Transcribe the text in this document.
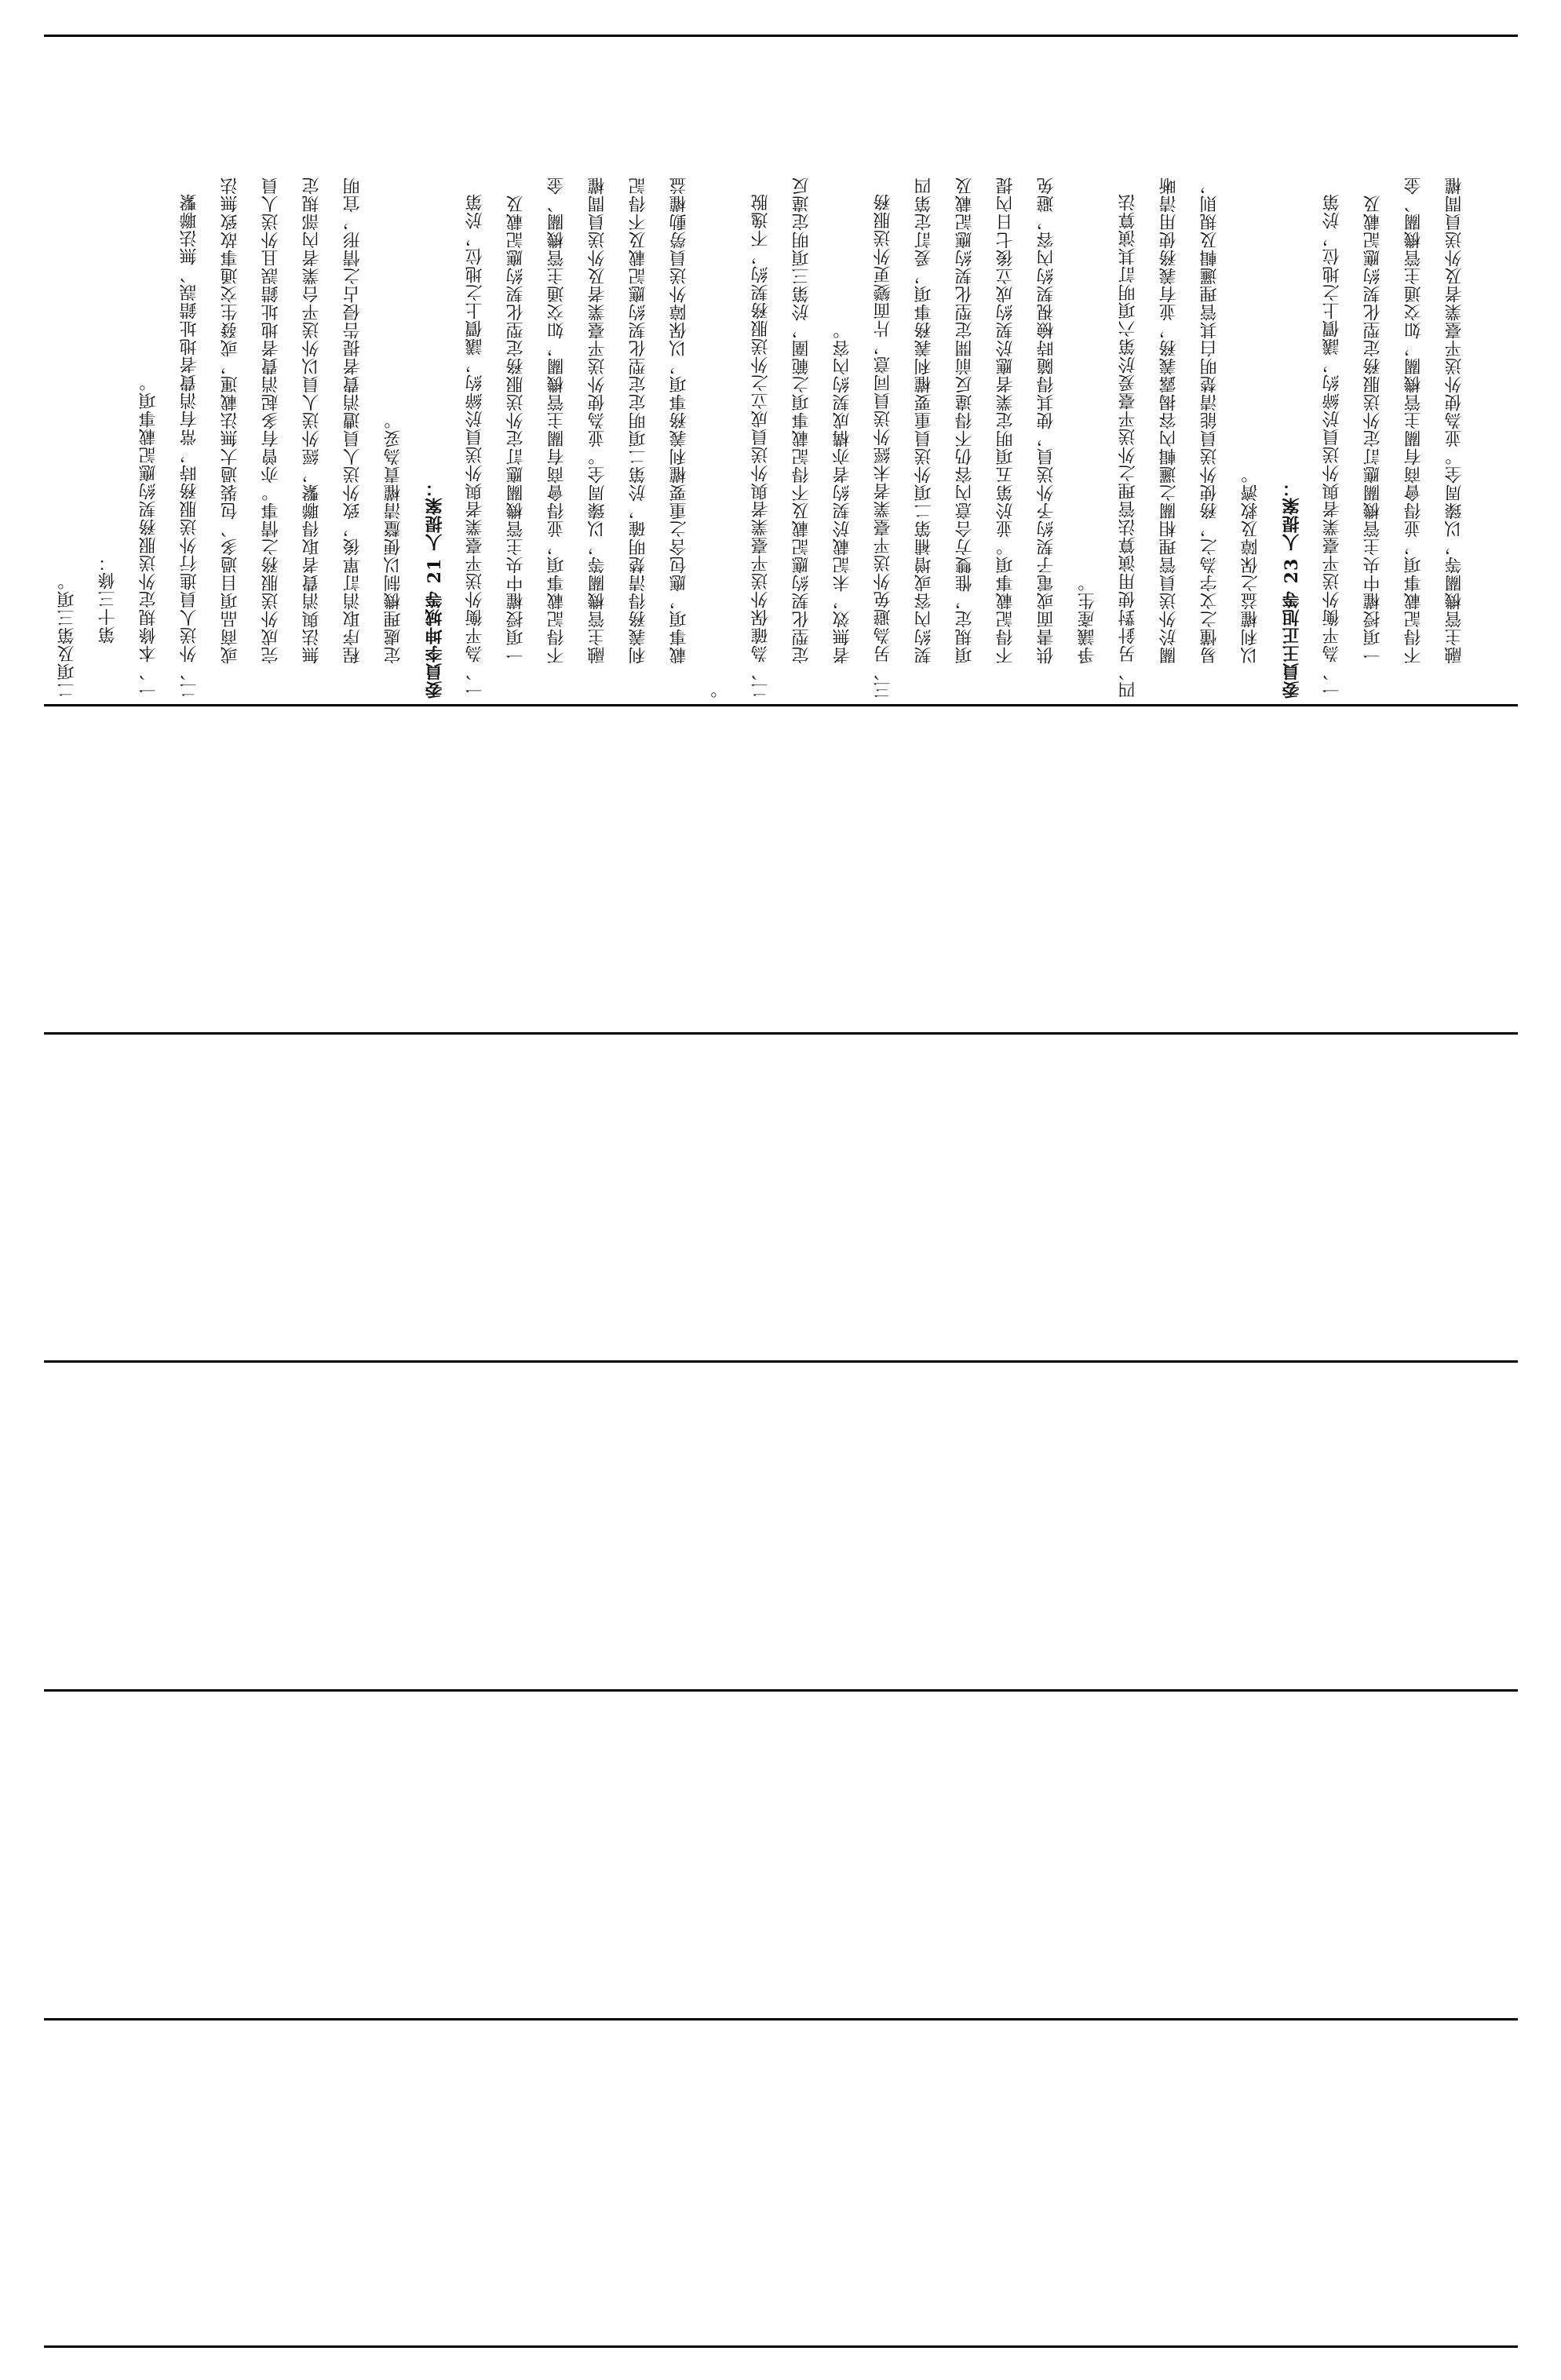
二項及第三項。	第十三條：	一、本條規定外送服務契約應記載事項。	二、外送人員進行外送服務時，常有消費者地址錯誤、無法聯繫	或商品項目過多、包裝過大無法載運，或發生交通事故致無法	完成外送服務之情事。亦曾有多起消費者地址錯誤且外送人員	無法與消費者取得聯繫，經外送人員以外送平台業者內部規定	程序取消訂單後，致外送人員遭消費者提告侵占之情形，宜明	定處理機制以便釐清權責為妥。	委員李坤城等 21 人提案：	一、為平衡外送平臺業者與外送員於締約，議價上之地位，於第	一項授權中央主管機關應訂定外送服務定型化契約應記載及	不得記載事項，並得會商有關主管機關，如交通主管機關、金	融主管機關等，以臻周全。並為使外送平臺業者及外送員間權	利義務得清楚明確，於第二項明定定型化契約應記載及不得記	載事項，應包含之重要權利義務事項，以保障外送員勞動權益

。	二、為確保外送平臺業者與外送員成立之外送服務契約，不逸脫	定型化契約應記載及不得記載事項之範圍，於第三項明定違反	者無效，未記載於契約者亦構成契約內容。	三、另為避免外送平臺業者未經外送員同意，片面變更外送服務	契約內容或增補第二項外送員重要權利義務事項，爰訂定第四	項規定，惟雙方合意內容仍不得違反前開定型化契約應記載及	不得記載事項。並於第五項明定業者應於契約成立後七日內提	供書面或電子契約予外送員，使其得隨時檢視契約內容，避免	爭議產生。	四、另針對使用演算法管理之外送平臺爰於第六項明訂其演算法	關於外送員管理相關之邏輯內容揭露義務，並有義務使用清晰	易懂之文字為之，務使外送員能清楚明白其管理邏輯及規則，	以利權益之保障及救濟。	委員王正旭等 23 人提案：	一、為平衡外送平臺業者與外送員於締約，議價上之地位，於第	一項授權中央主管機關應訂定外送服務定型化契約應記載及	不得記載事項，並得會商有關主管機關，如交通主管機關、金	融主管機關等，以臻周全。並為使外送平臺業者及外送員間權
